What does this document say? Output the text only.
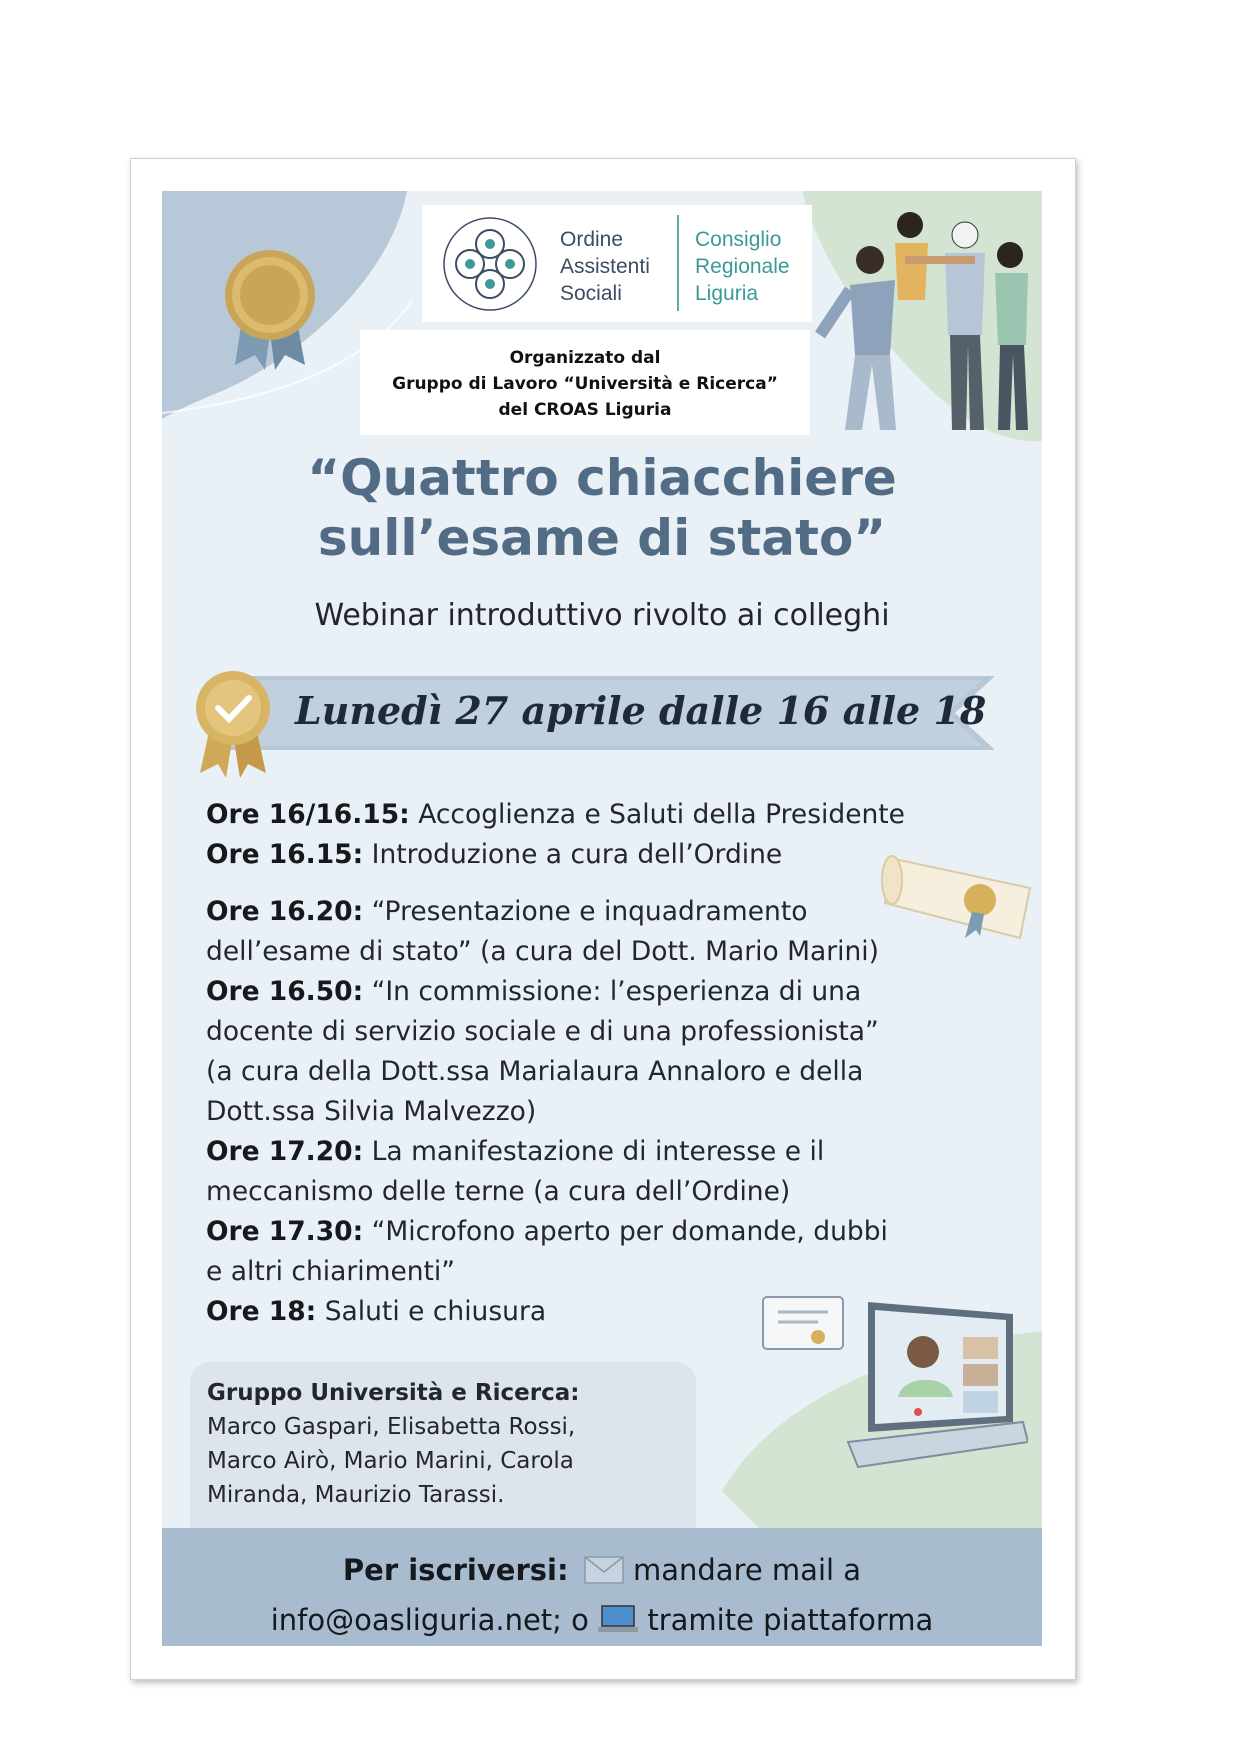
Ordine
Assistenti
Sociali
Consiglio
Regionale
Liguria
Organizzato dal
Gruppo di Lavoro “Università e Ricerca”
del CROAS Liguria
“Quattro chiacchiere
sull’esame di stato”
Webinar introduttivo rivolto ai colleghi
Lunedì 27 aprile dalle 16 alle 18
Ore 16/16.15: Accoglienza e Saluti della Presidente
Ore 16.15: Introduzione a cura dell’Ordine
Ore 16.20: “Presentazione e inquadramento
dell’esame di stato” (a cura del Dott. Mario Marini)
Ore 16.50: “In commissione: l’esperienza di una
docente di servizio sociale e di una professionista”
(a cura della Dott.ssa Marialaura Annaloro e della
Dott.ssa Silvia Malvezzo)
Ore 17.20: La manifestazione di interesse e il
meccanismo delle terne (a cura dell’Ordine)
Ore 17.30: “Microfono aperto per domande, dubbi
e altri chiarimenti”
Ore 18: Saluti e chiusura
Gruppo Università e Ricerca:
Marco Gaspari, Elisabetta Rossi,
Marco Airò, Mario Marini, Carola
Miranda, Maurizio Tarassi.
Per iscriversi:  mandare mail a
info@oasliguria.net; o  tramite piattaforma
